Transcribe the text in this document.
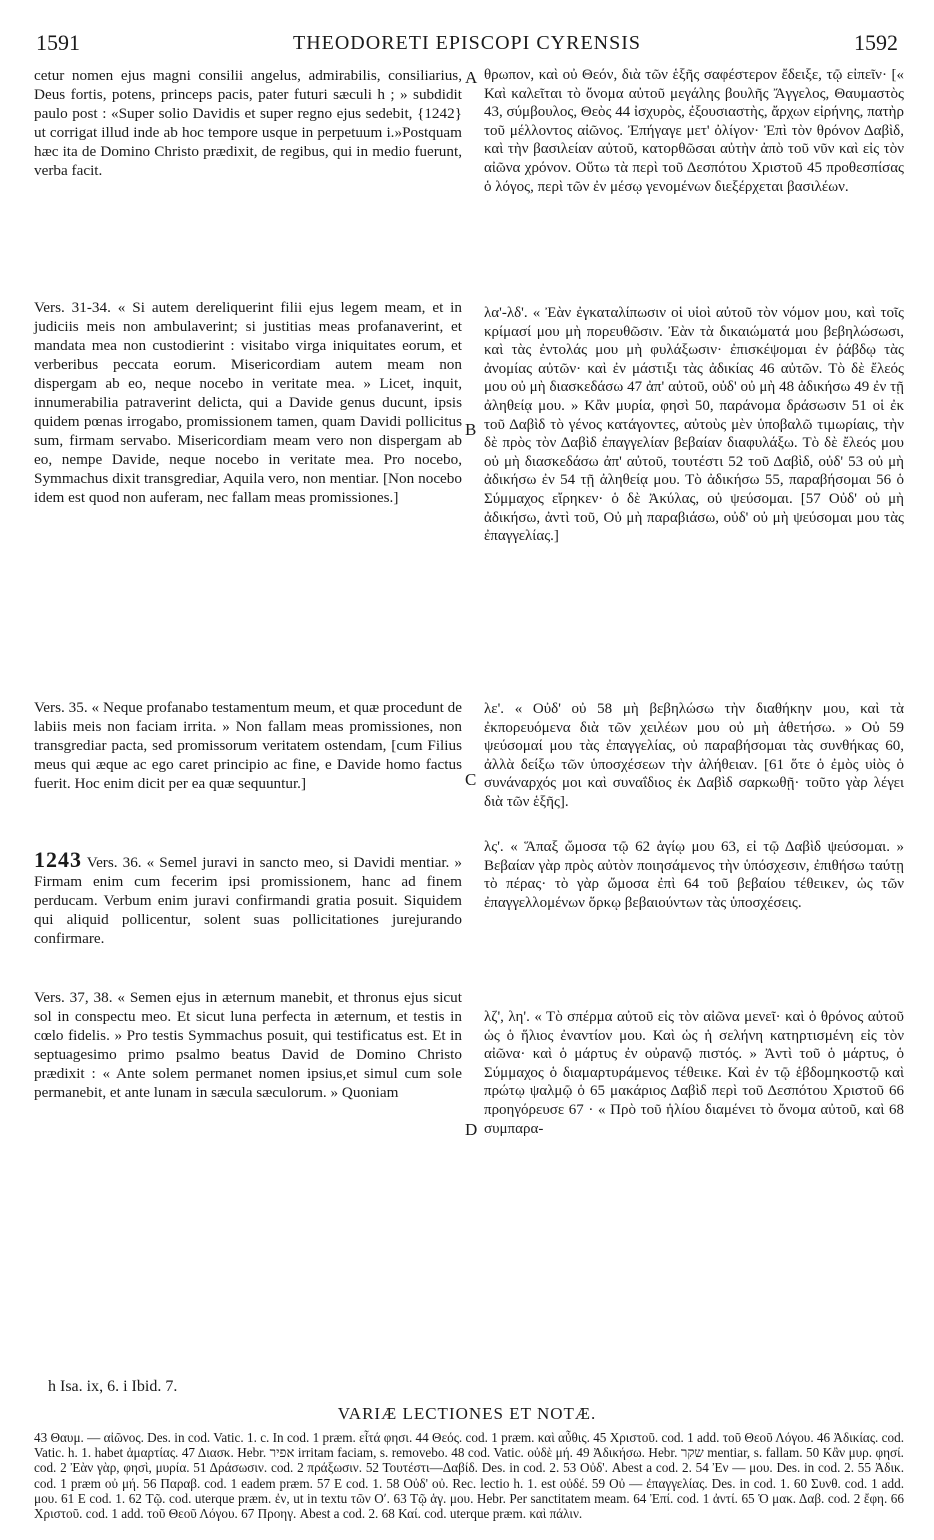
1591	THEODORETI EPISCOPI CYRENSIS	1592

cetur nomen ejus magni consilii angelus, admirabilis, consiliarius, Deus fortis, potens, princeps pacis, pater futuri sæculi h ; » subdidit paulo post : «Super solio Davidis et super regno ejus sedebit, {1242} ut corrigat illud inde ab hoc tempore usque in perpetuum i.»Postquam hæc ita de Domino Christo prædixit, de regibus, qui in medio fuerunt, verba facit.

Vers. 31-34. « Si autem dereliquerint filii ejus legem meam, et in judiciis meis non ambulaverint; si justitias meas profanaverint, et mandata mea non custodierint : visitabo virga iniquitates eorum, et verberibus peccata eorum. Misericordiam autem meam non dispergam ab eo, neque nocebo in veritate mea. » Licet, inquit, innumerabilia patraverint delicta, qui a Davide genus ducunt, ipsis quidem pœnas irrogabo, promissionem tamen, quam Davidi pollicitus sum, firmam servabo. Misericordiam meam vero non dispergam ab eo, nempe Davide, neque nocebo in veritate mea. Pro nocebo, Symmachus dixit transgrediar, Aquila vero, non mentiar. [Non nocebo idem est quod non auferam, nec fallam meas promissiones.]

Vers. 35. « Neque profanabo testamentum meum, et quæ procedunt de labiis meis non faciam irrita. » Non fallam meas promissiones, non transgrediar pacta, sed promissorum veritatem ostendam, [cum Filius meus qui æque ac ego caret principio ac fine, e Davide homo factus fuerit. Hoc enim dicit per ea quæ sequuntur.]

1243 Vers. 36. « Semel juravi in sancto meo, si Davidi mentiar. » Firmam enim cum fecerim ipsi promissionem, hanc ad finem perducam. Verbum enim juravi confirmandi gratia posuit. Siquidem qui aliquid pollicentur, solent suas pollicitationes jurejurando confirmare.

Vers. 37, 38. « Semen ejus in æternum manebit, et thronus ejus sicut sol in conspectu meo. Et sicut luna perfecta in æternum, et testis in cœlo fidelis. » Pro testis Symmachus posuit, qui testificatus est. Et in septuagesimo primo psalmo beatus David de Domino Christo prædixit : « Ante solem permanet nomen ipsius,et simul cum sole permanebit, et ante lunam in sæcula sæculorum. » Quoniam

A
B
C
D

θρωπον, καὶ οὐ Θεόν, διὰ τῶν ἑξῆς σαφέστερον ἔδειξε, τῷ εἰπεῖν· [« Καὶ καλεῖται τὸ ὄνομα αὐτοῦ μεγάλης βουλῆς Ἄγγελος, Θαυμαστὸς 43, σύμβουλος, Θεὸς 44 ἰσχυρὸς, ἐξουσιαστὴς, ἄρχων εἰρήνης, πατὴρ τοῦ μέλλοντος αἰῶνος. Ἐπήγαγε μετ' ὀλίγον· Ἐπὶ τὸν θρόνον Δαβὶδ, καὶ τὴν βασιλείαν αὐτοῦ, κατορθῶσαι αὐτὴν ἀπὸ τοῦ νῦν καὶ εἰς τὸν αἰῶνα χρόνον. Οὕτω τὰ περὶ τοῦ Δεσπότου Χριστοῦ 45 προθεσπίσας ὁ λόγος, περὶ τῶν ἐν μέσῳ γενομένων διεξέρχεται βασιλέων.

λα'-λδ'. « Ἐὰν ἐγκαταλίπωσιν οἱ υἱοὶ αὐτοῦ τὸν νόμον μου, καὶ τοῖς κρίμασί μου μὴ πορευθῶσιν. Ἐὰν τὰ δικαιώματά μου βεβηλώσωσι, καὶ τὰς ἐντολάς μου μὴ φυλάξωσιν· ἐπισκέψομαι ἐν ῥάβδῳ τὰς ἀνομίας αὐτῶν· καὶ ἐν μάστιξι τὰς ἀδικίας 46 αὐτῶν. Τὸ δὲ ἔλεός μου οὐ μὴ διασκεδάσω 47 ἀπ' αὐτοῦ, οὐδ' οὐ μὴ 48 ἀδικήσω 49 ἐν τῇ ἀληθείᾳ μου. » Κἂν μυρία, φησὶ 50, παράνομα δράσωσιν 51 οἱ ἐκ τοῦ Δαβὶδ τὸ γένος κατάγοντες, αὐτοὺς μὲν ὑποβαλῶ τιμωρίαις, τὴν δὲ πρὸς τὸν Δαβὶδ ἐπαγγελίαν βεβαίαν διαφυλάξω. Τὸ δὲ ἔλεός μου οὐ μὴ διασκεδάσω ἀπ' αὐτοῦ, τουτέστι 52 τοῦ Δαβὶδ, οὐδ' 53 οὐ μὴ ἀδικήσω ἐν 54 τῇ ἀληθείᾳ μου. Τὸ ἀδικήσω 55, παραβήσομαι 56 ὁ Σύμμαχος εἴρηκεν· ὁ δὲ Ἀκύλας, οὐ ψεύσομαι. [57 Οὐδ' οὐ μὴ ἀδικήσω, ἀντὶ τοῦ, Οὐ μὴ παραβιάσω, οὐδ' οὐ μὴ ψεύσομαι μου τὰς ἐπαγγελίας.]

λε'. « Οὐδ' οὐ 58 μὴ βεβηλώσω τὴν διαθήκην μου, καὶ τὰ ἐκπορευόμενα διὰ τῶν χειλέων μου οὐ μὴ ἀθετήσω. » Οὐ 59 ψεύσομαί μου τὰς ἐπαγγελίας, οὐ παραβήσομαι τὰς συνθήκας 60, ἀλλὰ δείξω τῶν ὑποσχέσεων τὴν ἀλήθειαν. [61 ὅτε ὁ ἐμὸς υἱὸς ὁ συνάναρχός μοι καὶ συναΐδιος ἐκ Δαβὶδ σαρκωθῇ· τοῦτο γὰρ λέγει διὰ τῶν ἑξῆς].

λς'. « Ἅπαξ ὤμοσα τῷ 62 ἁγίῳ μου 63, εἰ τῷ Δαβὶδ ψεύσομαι. » Βεβαίαν γὰρ πρὸς αὐτὸν ποιησάμενος τὴν ὑπόσχεσιν, ἐπιθήσω ταύτῃ τὸ πέρας· τὸ γὰρ ὤμοσα ἐπὶ 64 τοῦ βεβαίου τέθεικεν, ὡς τῶν ἐπαγγελλομένων ὅρκῳ βεβαιούντων τὰς ὑποσχέσεις.

λζ', λη'. « Τὸ σπέρμα αὐτοῦ εἰς τὸν αἰῶνα μενεῖ· καὶ ὁ θρόνος αὐτοῦ ὡς ὁ ἥλιος ἐναντίον μου. Καὶ ὡς ἡ σελήνη κατηρτισμένη εἰς τὸν αἰῶνα· καὶ ὁ μάρτυς ἐν οὐρανῷ πιστός. » Ἀντὶ τοῦ ὁ μάρτυς, ὁ Σύμμαχος ὁ διαμαρτυράμενος τέθεικε. Καὶ ἐν τῷ ἑβδομηκοστῷ καὶ πρώτῳ ψαλμῷ ὁ 65 μακάριος Δαβὶδ περὶ τοῦ Δεσπότου Χριστοῦ 66 προηγόρευσε 67 · « Πρὸ τοῦ ἡλίου διαμένει τὸ ὄνομα αὐτοῦ, καὶ 68 συμπαρα-

h Isa. ix, 6. i Ibid. 7.
VARIÆ LECTIONES ET NOTÆ.
43 Θαυμ. — αἰῶνος. Des. in cod. Vatic. 1. c. In cod. 1 præm. εἶτά φησι. 44 Θεός. cod. 1 præm. καὶ αὖθις. 45 Χριστοῦ. cod. 1 add. τοῦ Θεοῦ Λόγου. 46 Ἀδικίας. cod. Vatic. h. 1. habet ἁμαρτίας. 47 Διασκ. Hebr. אפיר irritam faciam, s. removebo. 48 cod. Vatic. οὐδὲ μή. 49 Ἀδικήσω. Hebr. שקר mentiar, s. fallam. 50 Κἂν μυρ. φησί. cod. 2 Ἐὰν γὰρ, φησὶ, μυρία. 51 Δράσωσιν. cod. 2 πράξωσιν. 52 Τουτέστι—Δαβίδ. Des. in cod. 2. 53 Οὐδ'. Abest a cod. 2. 54 Ἐν — μου. Des. in cod. 2. 55 Ἀδικ. cod. 1 præm οὐ μή. 56 Παραβ. cod. 1 eadem præm. 57 E cod. 1. 58 Οὐδ' οὐ. Rec. lectio h. 1. est οὐδέ. 59 Οὐ — ἐπαγγελίας. Des. in cod. 1. 60 Συνθ. cod. 1 add. μου. 61 E cod. 1. 62 Τῷ. cod. uterque præm. ἐν, ut in textu τῶν Οʹ. 63 Τῷ ἁγ. μου. Hebr. Per sanctitatem meam. 64 Ἐπί. cod. 1 ἀντί. 65 Ὁ μακ. Δαβ. cod. 2 ἔφη. 66 Χριστοῦ. cod. 1 add. τοῦ Θεοῦ Λόγου. 67 Προηγ. Abest a cod. 2. 68 Καί. cod. uterque præm. καὶ πάλιν.
